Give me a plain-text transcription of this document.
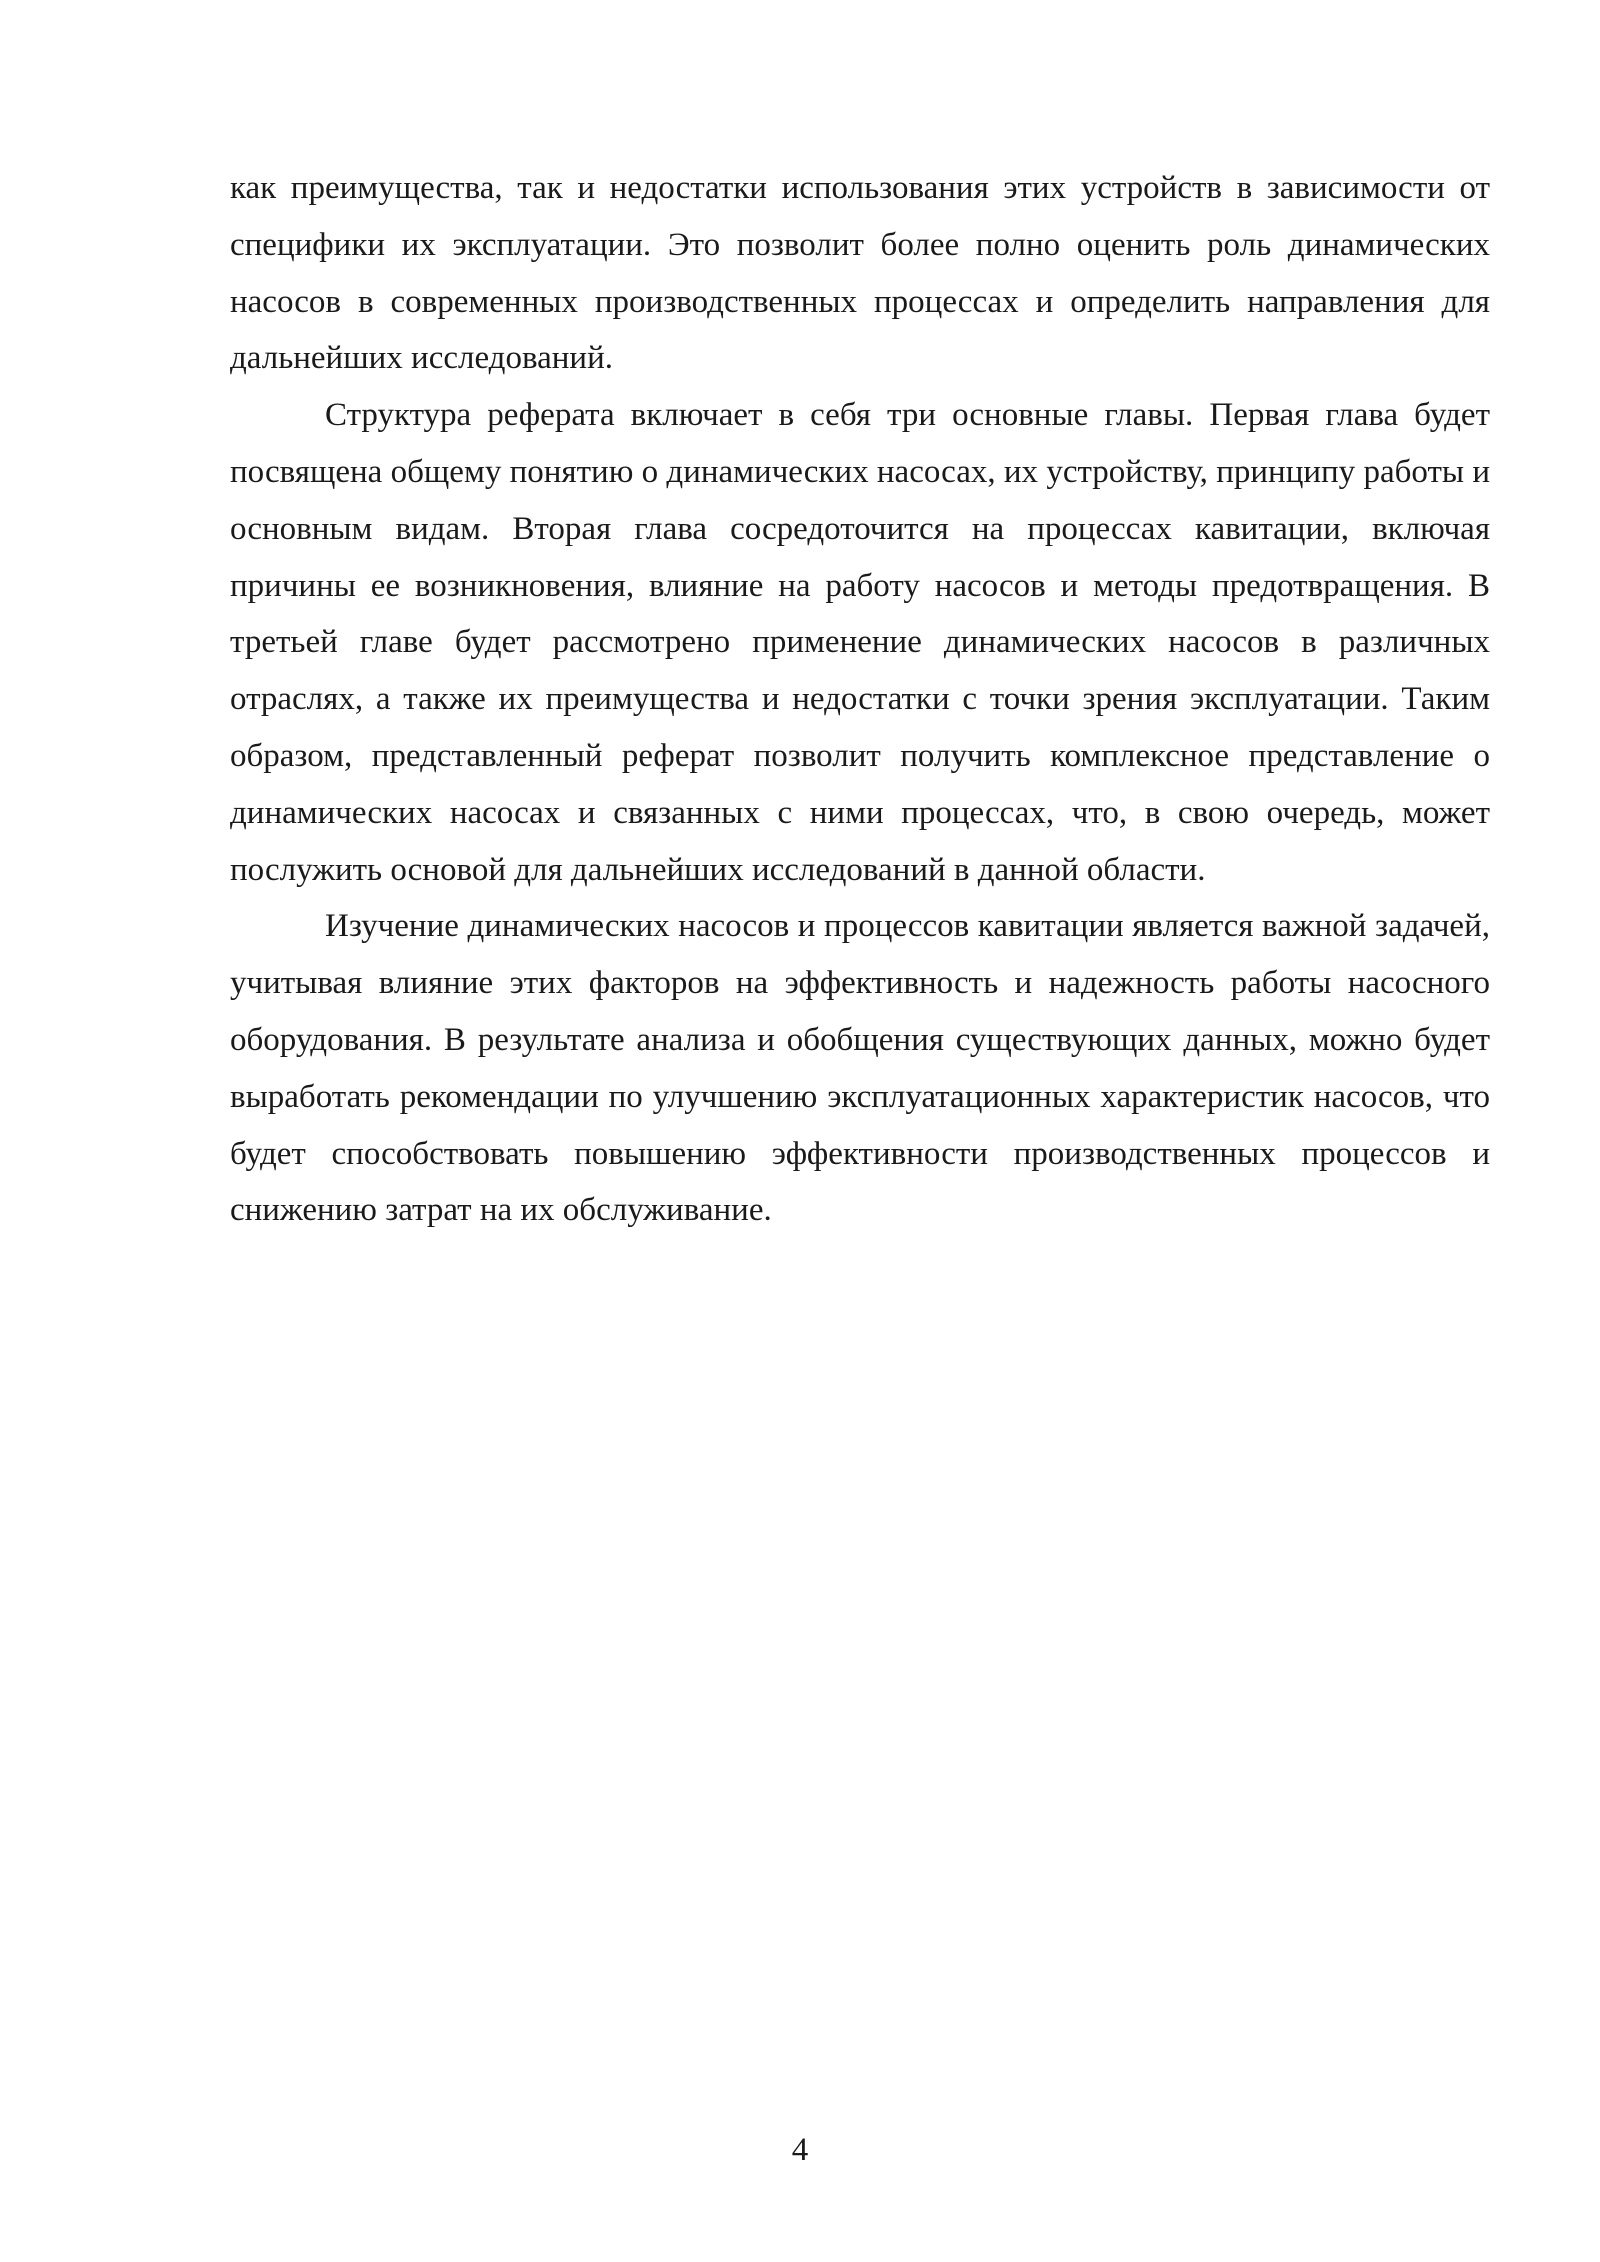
как преимущества, так и недостатки использования этих устройств в зависимости от специфики их эксплуатации. Это позволит более полно оценить роль динамических насосов в современных производственных процессах и определить направления для дальнейших исследований.

Структура реферата включает в себя три основные главы. Первая глава будет посвящена общему понятию о динамических насосах, их устройству, принципу работы и основным видам. Вторая глава сосредоточится на процессах кавитации, включая причины ее возникновения, влияние на работу насосов и методы предотвращения. В третьей главе будет рассмотрено применение динамических насосов в различных отраслях, а также их преимущества и недостатки с точки зрения эксплуатации. Таким образом, представленный реферат позволит получить комплексное представление о динамических насосах и связанных с ними процессах, что, в свою очередь, может послужить основой для дальнейших исследований в данной области.

Изучение динамических насосов и процессов кавитации является важной задачей, учитывая влияние этих факторов на эффективность и надежность работы насосного оборудования. В результате анализа и обобщения существующих данных, можно будет выработать рекомендации по улучшению эксплуатационных характеристик насосов, что будет способствовать повышению эффективности производственных процессов и снижению затрат на их обслуживание.

4
